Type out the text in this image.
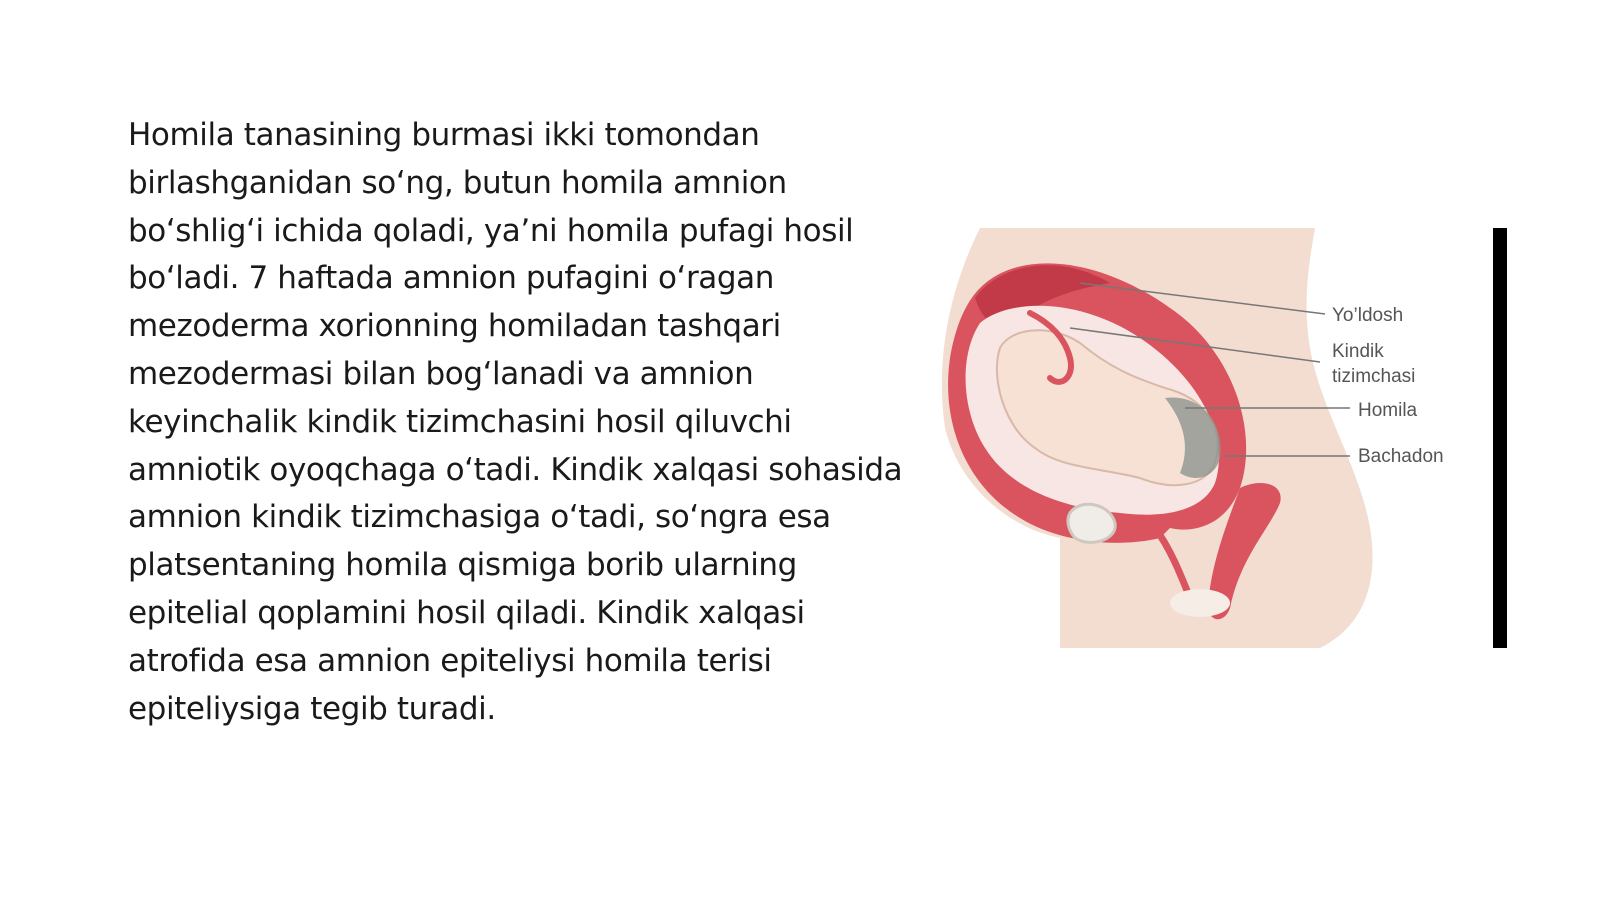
Homila tanasining burmasi ikki tomondan birlashganidan so‘ng, butun homila amnion bo‘shlig‘i ichida qoladi, ya’ni homila pufagi hosil bo‘ladi. 7 haftada amnion pufagini o‘ragan mezoderma xorionning homiladan tashqari mezodermasi bilan bog‘lanadi va amnion keyinchalik kindik tizimchasini hosil qiluvchi amniotik oyoqchaga o‘tadi. Kindik xalqasi sohasida amnion kindik tizimchasiga o‘tadi, so‘ngra esa platsentaning homila qismiga borib ularning epitelial qoplamini hosil qiladi. Kindik xalqasi atrofida esa amnion epiteliysi homila terisi epiteliysiga tegib turadi.

Yo’ldosh
Kindik
tizimchasi
Homila
Bachadon
